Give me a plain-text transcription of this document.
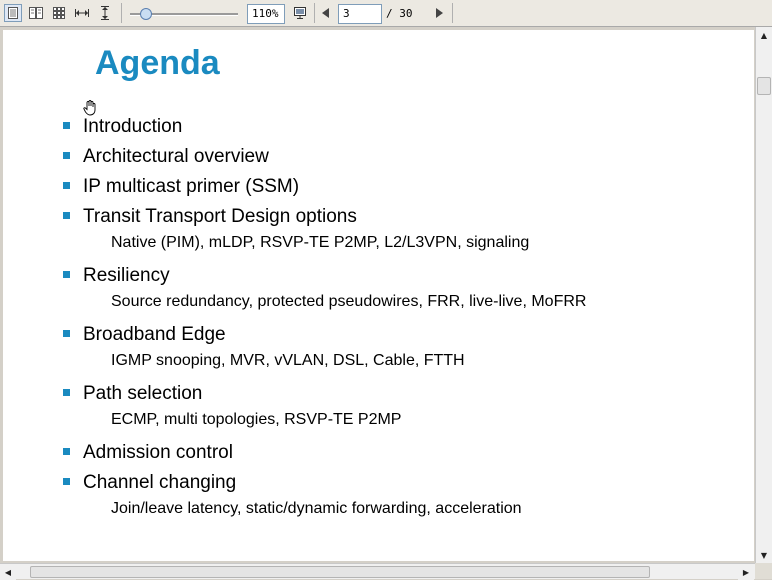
110%	3	/ 30
Agenda
Introduction
Architectural overview
IP multicast primer (SSM)
Transit Transport Design options
Native (PIM), mLDP, RSVP-TE P2MP, L2/L3VPN, signaling
Resiliency
Source redundancy, protected pseudowires, FRR, live-live, MoFRR
Broadband Edge
IGMP snooping, MVR, vVLAN, DSL, Cable, FTTH
Path selection
ECMP, multi topologies, RSVP-TE P2MP
Admission control
Channel changing
Join/leave latency, static/dynamic forwarding, acceleration
▲
▼
◀	▶
